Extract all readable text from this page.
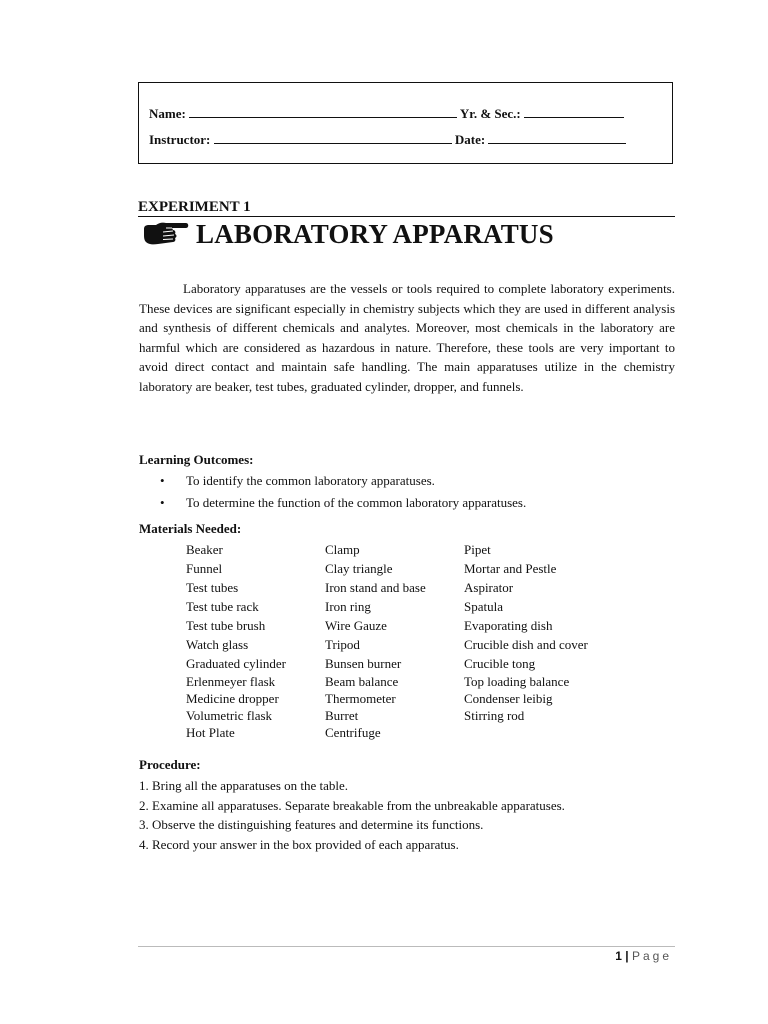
Name:	Yr. & Sec.:
Instructor:	Date:
EXPERIMENT 1
LABORATORY APPARATUS

Laboratory apparatuses are the vessels or tools required to complete laboratory experiments. These devices are significant especially in chemistry subjects which they are used in different analysis and synthesis of different chemicals and analytes. Moreover, most chemicals in the laboratory are harmful which are considered as hazardous in nature. Therefore, these tools are very important to avoid direct contact and maintain safe handling. The main apparatuses utilize in the chemistry laboratory are beaker, test tubes, graduated cylinder, dropper, and funnels.

Learning Outcomes:
•	To identify the common laboratory apparatuses.
•	To determine the function of the common laboratory apparatuses.
Materials Needed:
Beaker	Clamp	Pipet
Funnel	Clay triangle	Mortar and Pestle
Test tubes	Iron stand and base	Aspirator
Test tube rack	Iron ring	Spatula
Test tube brush	Wire Gauze	Evaporating dish
Watch glass	Tripod	Crucible dish and cover
Graduated cylinder	Bunsen burner	Crucible tong
Erlenmeyer flask	Beam balance	Top loading balance
Medicine dropper	Thermometer	Condenser leibig
Volumetric flask	Burret	Stirring rod
Hot Plate	Centrifuge
Procedure:
1. Bring all the apparatuses on the table.
2. Examine all apparatuses. Separate breakable from the unbreakable apparatuses.
3. Observe the distinguishing features and determine its functions.
4. Record your answer in the box provided of each apparatus.
1 | Page
